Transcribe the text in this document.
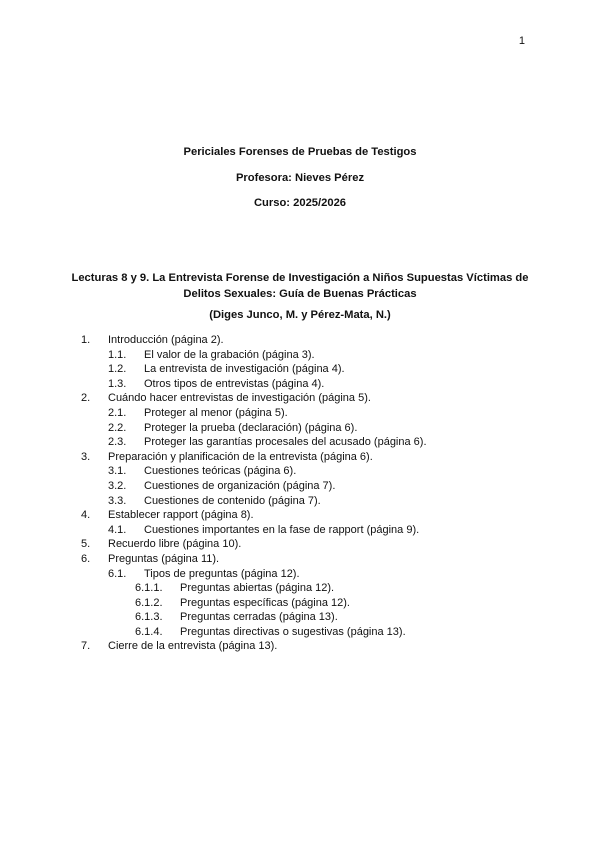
1
Periciales Forenses de Pruebas de Testigos
Profesora: Nieves Pérez
Curso: 2025/2026
Lecturas 8 y 9. La Entrevista Forense de Investigación a Niños Supuestas Víctimas de Delitos Sexuales: Guía de Buenas Prácticas
(Diges Junco, M. y Pérez-Mata, N.)
1. Introducción (página 2).
1.1. El valor de la grabación (página 3).
1.2. La entrevista de investigación (página 4).
1.3. Otros tipos de entrevistas (página 4).
2. Cuándo hacer entrevistas de investigación (página 5).
2.1. Proteger al menor (página 5).
2.2. Proteger la prueba (declaración) (página 6).
2.3. Proteger las garantías procesales del acusado (página 6).
3. Preparación y planificación de la entrevista (página 6).
3.1. Cuestiones teóricas (página 6).
3.2. Cuestiones de organización (página 7).
3.3. Cuestiones de contenido (página 7).
4. Establecer rapport (página 8).
4.1. Cuestiones importantes en la fase de rapport (página 9).
5. Recuerdo libre (página 10).
6. Preguntas (página 11).
6.1. Tipos de preguntas (página 12).
6.1.1. Preguntas abiertas (página 12).
6.1.2. Preguntas específicas (página 12).
6.1.3. Preguntas cerradas (página 13).
6.1.4. Preguntas directivas o sugestivas (página 13).
7. Cierre de la entrevista (página 13).
